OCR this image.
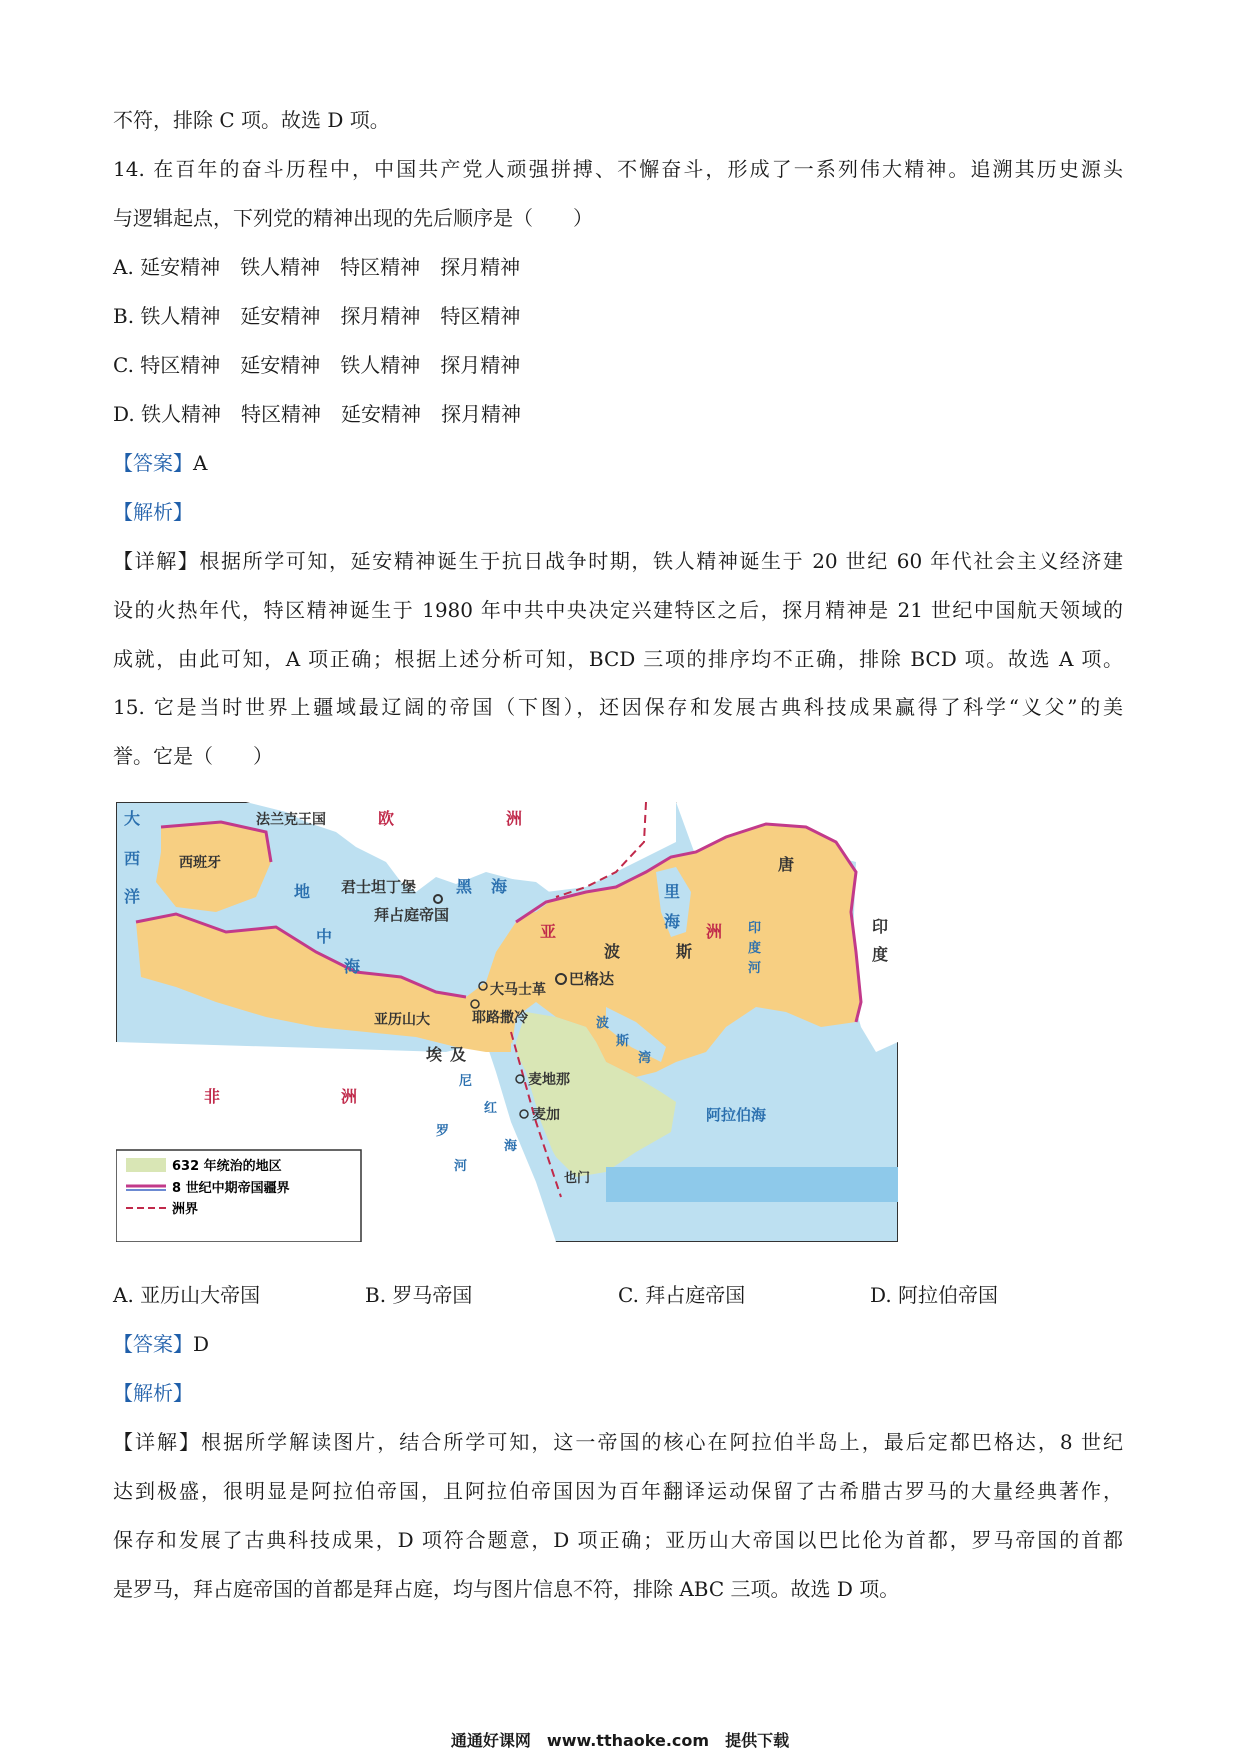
不符，排除 C 项。故选 D 项。
14. 在百年的奋斗历程中，中国共产党人顽强拼搏、不懈奋斗，形成了一系列伟大精神。追溯其历史源头
与逻辑起点，下列党的精神出现的先后顺序是（　　）
A. 延安精神　铁人精神　特区精神　探月精神
B. 铁人精神　延安精神　探月精神　特区精神
C. 特区精神　延安精神　铁人精神　探月精神
D. 铁人精神　特区精神　延安精神　探月精神
【答案】A
【解析】
【详解】根据所学可知，延安精神诞生于抗日战争时期，铁人精神诞生于 20 世纪 60 年代社会主义经济建
设的火热年代，特区精神诞生于 1980 年中共中央决定兴建特区之后，探月精神是 21 世纪中国航天领域的
成就，由此可知，A 项正确；根据上述分析可知，BCD 三项的排序均不正确，排除 BCD 项。故选 A 项。
15. 它是当时世界上疆域最辽阔的帝国（下图），还因保存和发展古典科技成果赢得了科学“义父”的美
誉。它是（　　）
大
西
洋
法兰克王国	欧	洲
西班牙
君士坦丁堡
拜占庭帝国
地
中
海
黑 海	里
海
亚	洲
波	斯
唐
印
度
印
度
河
巴格达
大马士革
耶路撒冷
亚历山大
埃 及
尼
罗
河
红
海
波
斯
湾
麦地那
麦加
非	洲
阿拉伯海
也门
632 年统治的地区
8 世纪中期帝国疆界
洲界
A. 亚历山大帝国	B. 罗马帝国	C. 拜占庭帝国	D. 阿拉伯帝国
【答案】D
【解析】
【详解】根据所学解读图片，结合所学可知，这一帝国的核心在阿拉伯半岛上，最后定都巴格达，8 世纪
达到极盛，很明显是阿拉伯帝国，且阿拉伯帝国因为百年翻译运动保留了古希腊古罗马的大量经典著作，
保存和发展了古典科技成果，D 项符合题意，D 项正确；亚历山大帝国以巴比伦为首都，罗马帝国的首都
是罗马，拜占庭帝国的首都是拜占庭，均与图片信息不符，排除 ABC 三项。故选 D 项。
通通好课网　www.tthaoke.com　提供下载
